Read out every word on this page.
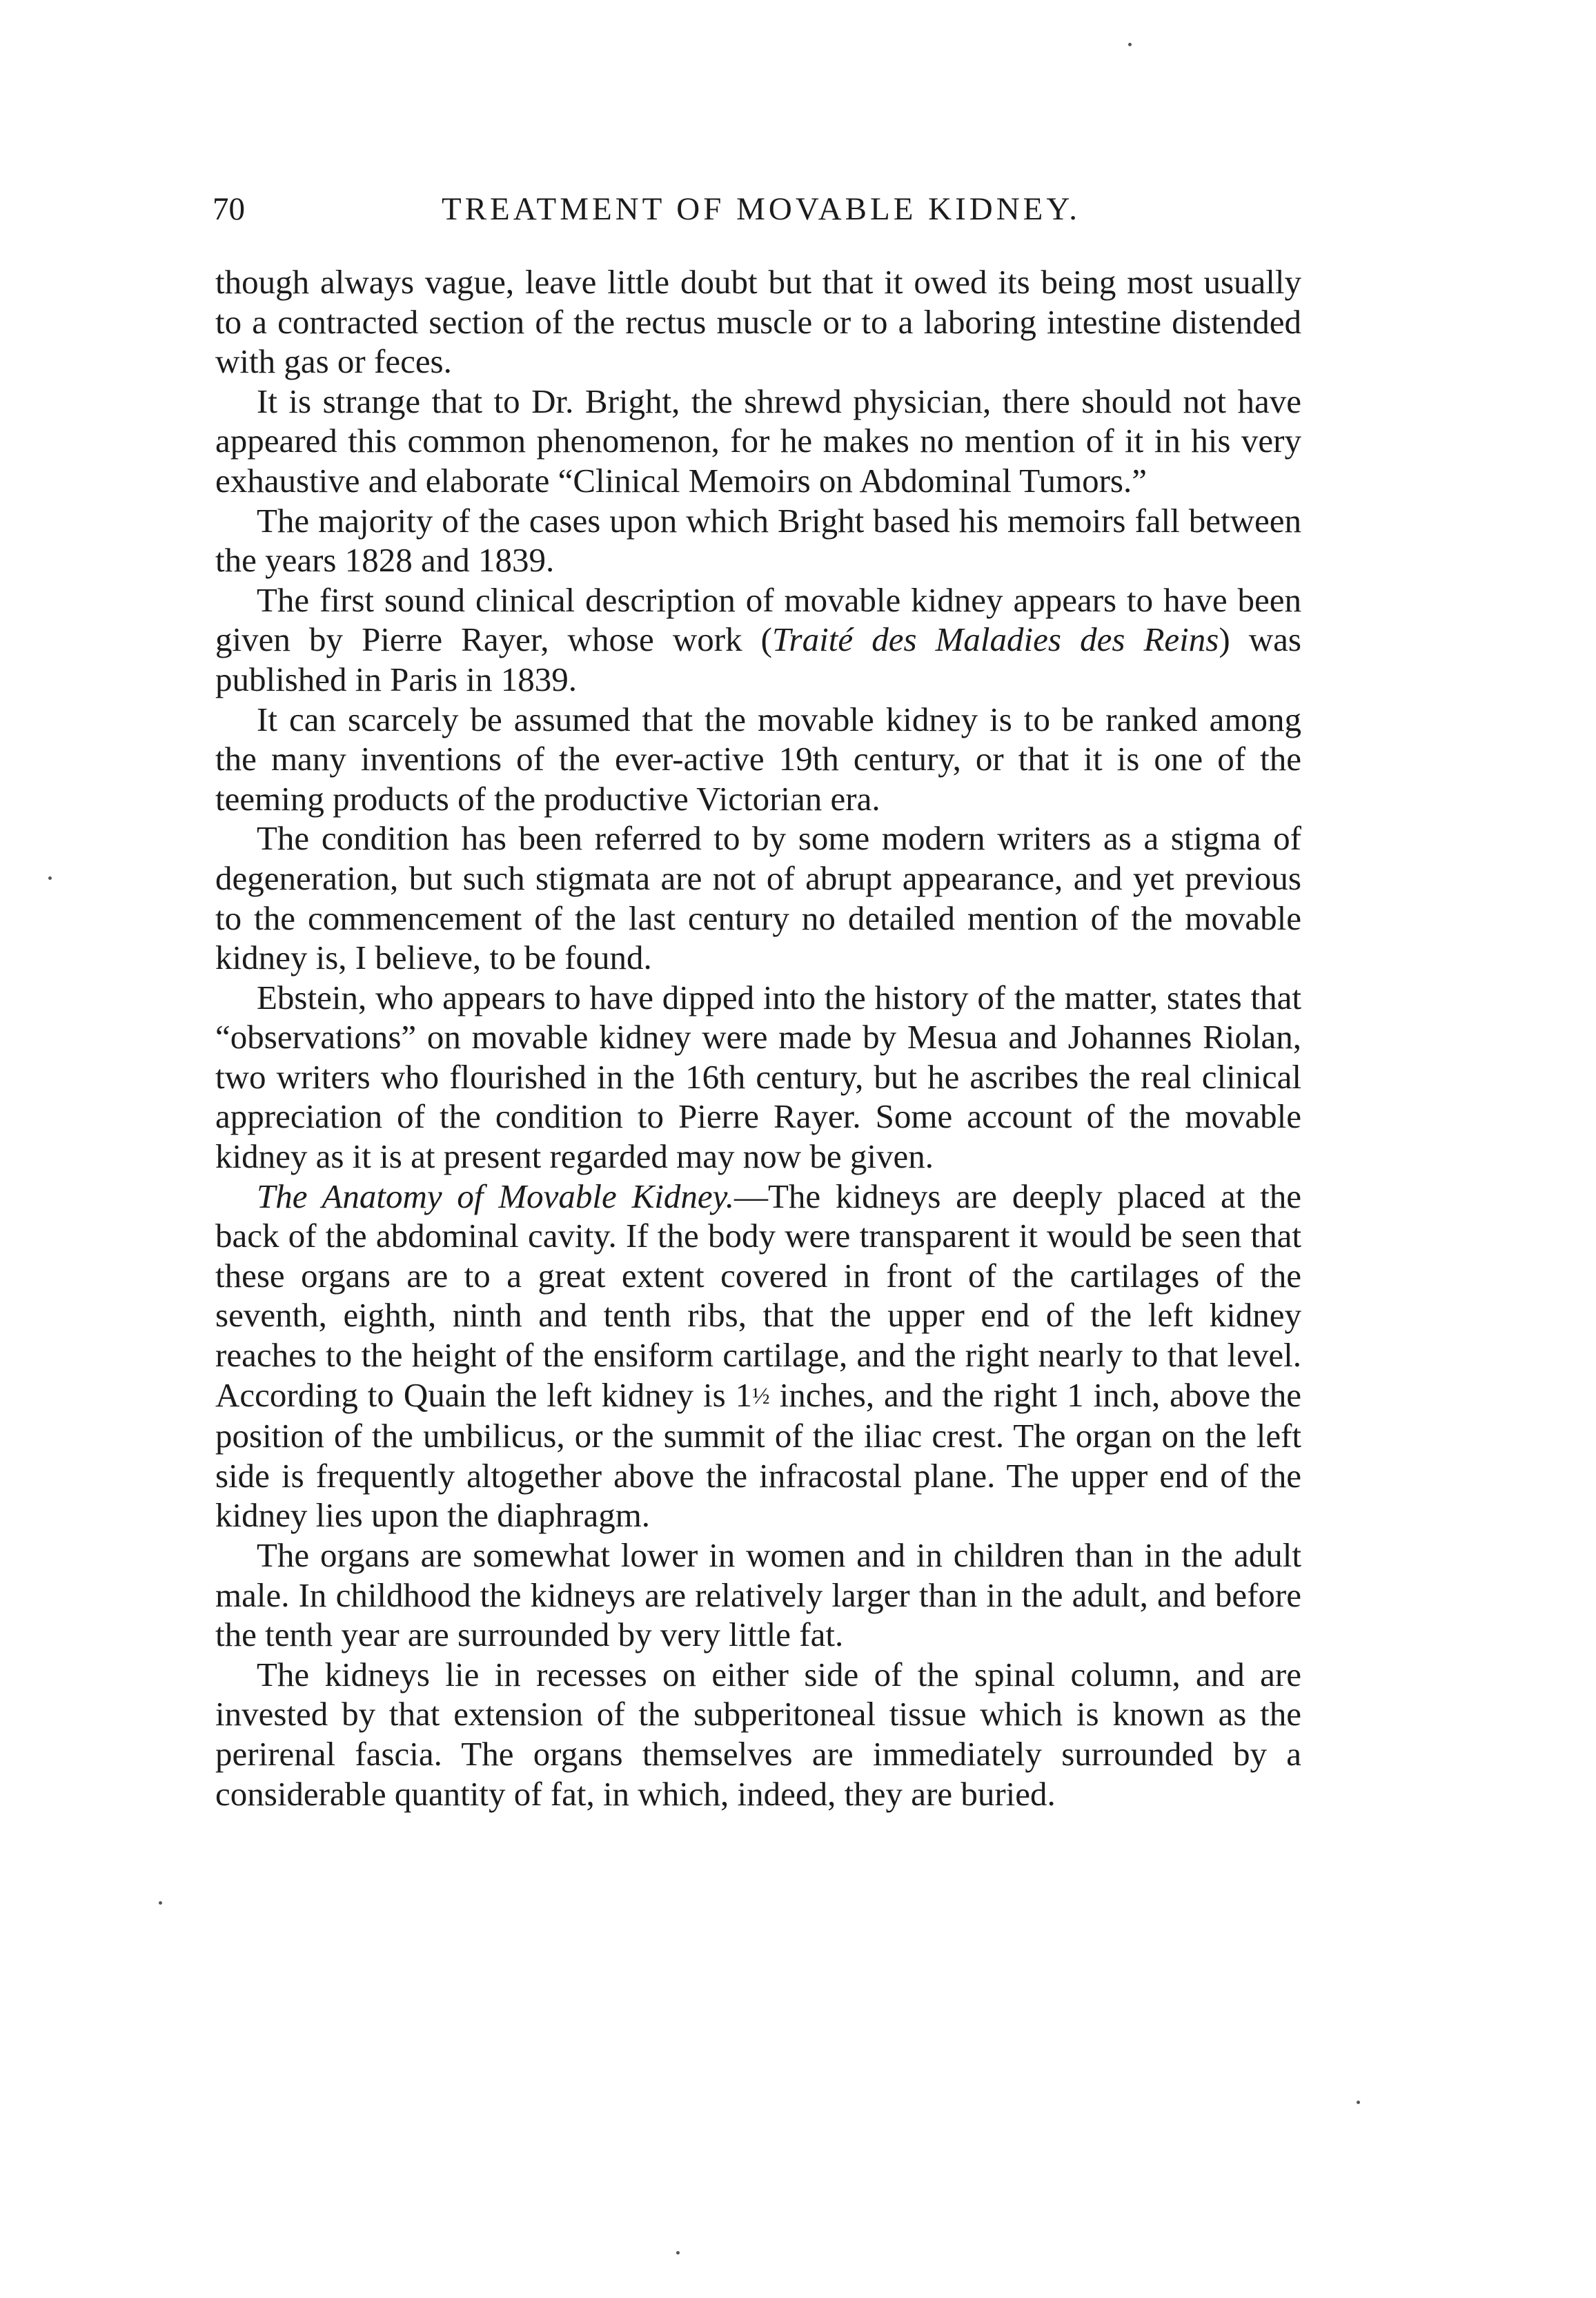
70	TREATMENT OF MOVABLE KIDNEY.

though always vague, leave little doubt but that it owed its being most usually to a contracted section of the rectus muscle or to a laboring intestine distended with gas or feces.

It is strange that to Dr. Bright, the shrewd physician, there should not have appeared this common phenomenon, for he makes no mention of it in his very exhaustive and elaborate “Clinical Memoirs on Abdominal Tumors.”

The majority of the cases upon which Bright based his memoirs fall between the years 1828 and 1839.

The first sound clinical description of movable kidney appears to have been given by Pierre Rayer, whose work (Traité des Maladies des Reins) was published in Paris in 1839.

It can scarcely be assumed that the movable kidney is to be ranked among the many inventions of the ever-active 19th century, or that it is one of the teeming products of the productive Victorian era.

The condition has been referred to by some modern writers as a stigma of degeneration, but such stigmata are not of abrupt appearance, and yet previous to the commencement of the last century no detailed mention of the movable kidney is, I believe, to be found.

Ebstein, who appears to have dipped into the history of the matter, states that “observations” on movable kidney were made by Mesua and Johannes Riolan, two writers who flourished in the 16th century, but he ascribes the real clinical appreciation of the condition to Pierre Rayer. Some account of the movable kidney as it is at present regarded may now be given.

The Anatomy of Movable Kidney.—The kidneys are deeply placed at the back of the abdominal cavity. If the body were transparent it would be seen that these organs are to a great extent covered in front of the cartilages of the seventh, eighth, ninth and tenth ribs, that the upper end of the left kidney reaches to the height of the ensiform cartilage, and the right nearly to that level. According to Quain the left kidney is 1½ inches, and the right 1 inch, above the position of the umbilicus, or the summit of the iliac crest. The organ on the left side is frequently altogether above the infracostal plane. The upper end of the kidney lies upon the diaphragm.

The organs are somewhat lower in women and in children than in the adult male. In childhood the kidneys are relatively larger than in the adult, and before the tenth year are surrounded by very little fat.

The kidneys lie in recesses on either side of the spinal column, and are invested by that extension of the subperitoneal tissue which is known as the perirenal fascia. The organs themselves are immediately surrounded by a considerable quantity of fat, in which, indeed, they are buried.
